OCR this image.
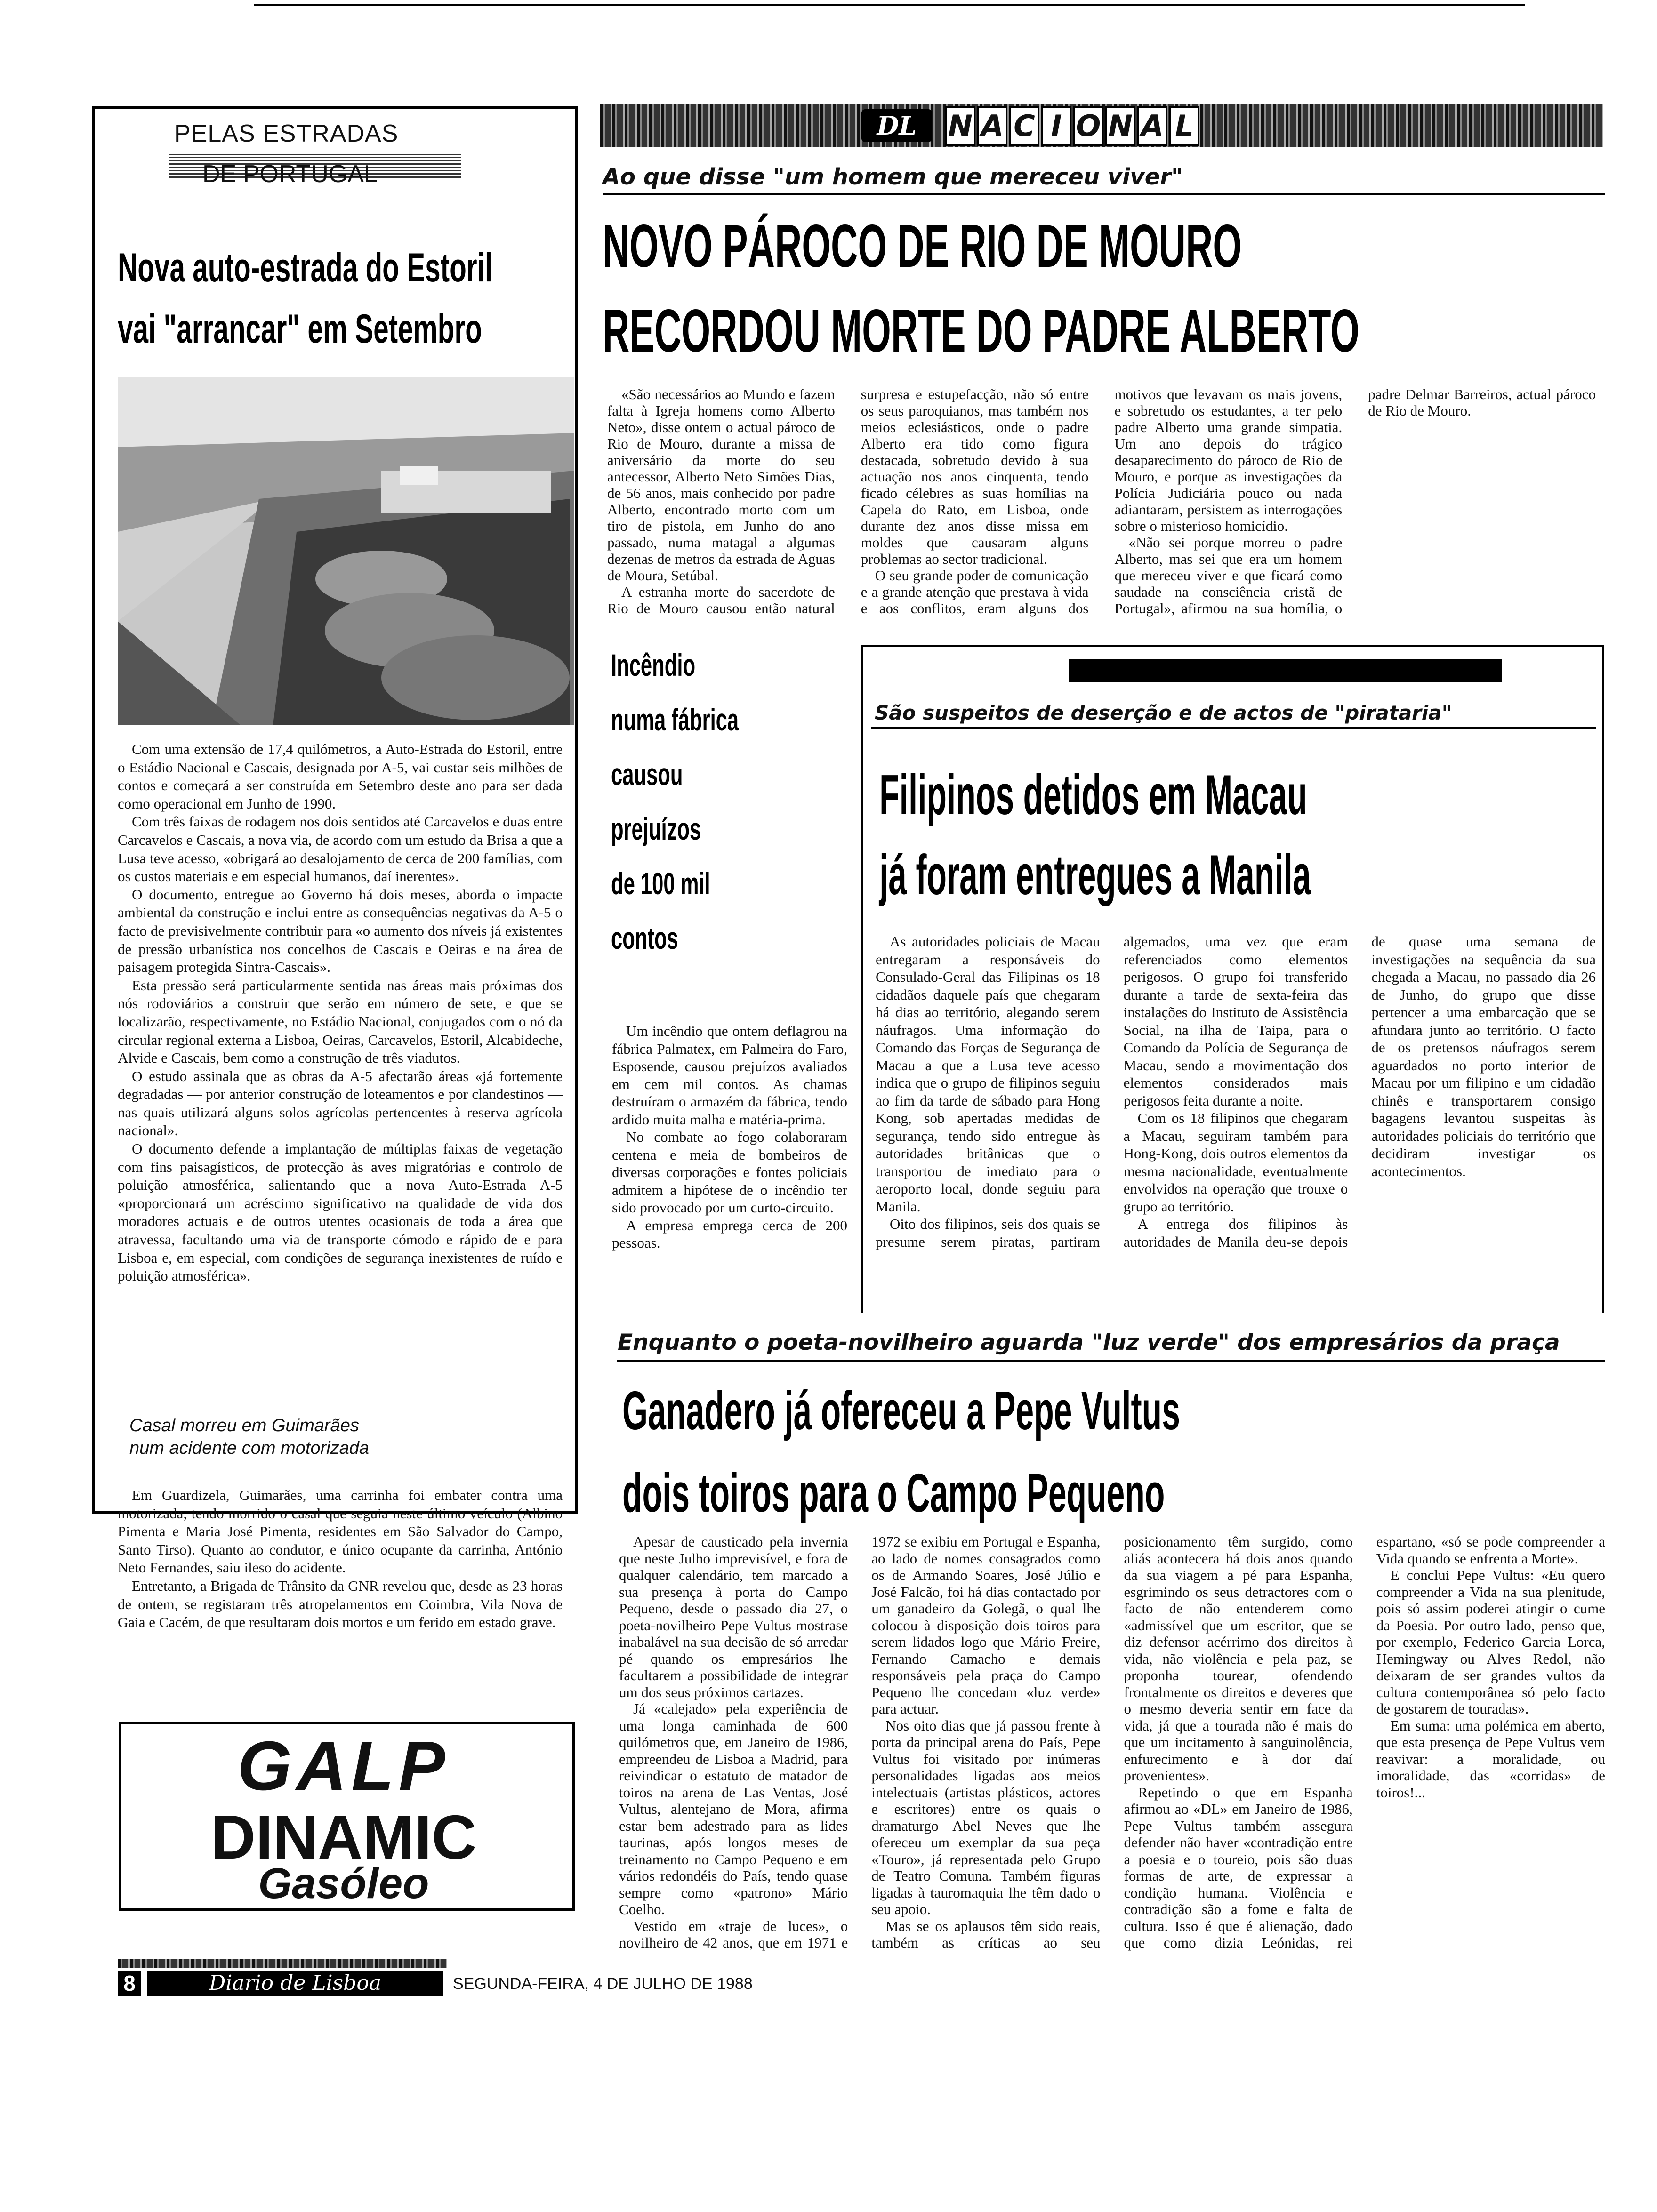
DL	N A C I O N A L
PELAS ESTRADAS
DE PORTUGAL
Nova auto-estrada do Estoril
vai "arrancar" em Setembro

Com uma extensão de 17,4 quilómetros, a Auto-Estrada do Estoril, entre o Estádio Nacional e Cascais, designada por A-5, vai custar seis milhões de contos e começará a ser construída em Setembro deste ano para ser dada como operacional em Junho de 1990.

Com três faixas de rodagem nos dois sentidos até Carcavelos e duas entre Carcavelos e Cascais, a nova via, de acordo com um estudo da Brisa a que a Lusa teve acesso, «obrigará ao desalojamento de cerca de 200 famílias, com os custos materiais e em especial humanos, daí inerentes».

O documento, entregue ao Governo há dois meses, aborda o impacte ambiental da construção e inclui entre as consequências negativas da A-5 o facto de previsivelmente contribuir para «o aumento dos níveis já existentes de pressão urbanística nos concelhos de Cascais e Oeiras e na área de paisagem protegida Sintra-Cascais».

Esta pressão será particularmente sentida nas áreas mais próximas dos nós rodoviários a construir que serão em número de sete, e que se localizarão, respectivamente, no Estádio Nacional, conjugados com o nó da circular regional externa a Lisboa, Oeiras, Carcavelos, Estoril, Alcabideche, Alvide e Cascais, bem como a construção de três viadutos.

O estudo assinala que as obras da A-5 afectarão áreas «já fortemente degradadas — por anterior construção de loteamentos e por clandestinos — nas quais utilizará alguns solos agrícolas pertencentes à reserva agrícola nacional».

O documento defende a implantação de múltiplas faixas de vegetação com fins paisagísticos, de protecção às aves migratórias e controlo de poluição atmosférica, salientando que a nova Auto-Estrada A-5 «proporcionará um acréscimo significativo na qualidade de vida dos moradores actuais e de outros utentes ocasionais de toda a área que atravessa, facultando uma via de transporte cómodo e rápido de e para Lisboa e, em especial, com condições de segurança inexistentes de ruído e poluição atmosférica».

Casal morreu em Guimarães
num acidente com motorizada

Em Guardizela, Guimarães, uma carrinha foi embater contra uma motorizada, tendo morrido o casal que seguia neste último veículo (Albino Pimenta e Maria José Pimenta, residentes em São Salvador do Campo, Santo Tirso). Quanto ao condutor, e único ocupante da carrinha, António Neto Fernandes, saiu ileso do acidente.

Entretanto, a Brigada de Trânsito da GNR revelou que, desde as 23 horas de ontem, se registaram três atropelamentos em Coimbra, Vila Nova de Gaia e Cacém, de que resultaram dois mortos e um ferido em estado grave.

GALP
DINAMIC
Gasóleo
Ao que disse "um homem que mereceu viver"
NOVO PÁROCO DE RIO DE MOURO
RECORDOU MORTE DO PADRE ALBERTO

«São necessários ao Mundo e fazem falta à Igreja homens como Alberto Neto», disse ontem o actual pároco de Rio de Mouro, durante a missa de aniversário da morte do seu antecessor, Alberto Neto Simões Dias, de 56 anos, mais conhecido por padre Alberto, encontrado morto com um tiro de pistola, em Junho do ano passado, numa matagal a algumas dezenas de metros da estrada de Aguas de Moura, Setúbal.

A estranha morte do sacerdote de Rio de Mouro causou então natural surpresa e estupefacção, não só entre os seus paroquianos, mas também nos meios eclesiásticos, onde o padre Alberto era tido como figura destacada, sobretudo devido à sua actuação nos anos cinquenta, tendo ficado célebres as suas homílias na Capela do Rato, em Lisboa, onde durante dez anos disse missa em moldes que causaram alguns problemas ao sector tradicional.

O seu grande poder de comunicação e a grande atenção que prestava à vida e aos conflitos, eram alguns dos motivos que levavam os mais jovens, e sobretudo os estudantes, a ter pelo padre Alberto uma grande simpatia. Um ano depois do trágico desaparecimento do pároco de Rio de Mouro, e porque as investigações da Polícia Judiciária pouco ou nada adiantaram, persistem as interrogações sobre o misterioso homicídio.

«Não sei porque morreu o padre Alberto, mas sei que era um homem que mereceu viver e que ficará como saudade na consciência cristã de Portugal», afirmou na sua homília, o padre Delmar Barreiros, actual pároco de Rio de Mouro.

Incêndio
numa fábrica
causou
prejuízos
de 100 mil
contos

Um incêndio que ontem deflagrou na fábrica Palmatex, em Palmeira do Faro, Esposende, causou prejuízos avaliados em cem mil contos. As chamas destruíram o armazém da fábrica, tendo ardido muita malha e matéria-prima.

No combate ao fogo colaboraram centena e meia de bombeiros de diversas corporações e fontes policiais admitem a hipótese de o incêndio ter sido provocado por um curto-circuito.

A empresa emprega cerca de 200 pessoas.

São suspeitos de deserção e de actos de "pirataria"
Filipinos detidos em Macau
já foram entregues a Manila

As autoridades policiais de Macau entregaram a responsáveis do Consulado-Geral das Filipinas os 18 cidadãos daquele país que chegaram há dias ao território, alegando serem náufragos. Uma informação do Comando das Forças de Segurança de Macau a que a Lusa teve acesso indica que o grupo de filipinos seguiu ao fim da tarde de sábado para Hong Kong, sob apertadas medidas de segurança, tendo sido entregue às autoridades britânicas que o transportou de imediato para o aeroporto local, donde seguiu para Manila.

Oito dos filipinos, seis dos quais se presume serem piratas, partiram algemados, uma vez que eram referenciados como elementos perigosos. O grupo foi transferido durante a tarde de sexta-feira das instalações do Instituto de Assistência Social, na ilha de Taipa, para o Comando da Polícia de Segurança de Macau, sendo a movimentação dos elementos considerados mais perigosos feita durante a noite.

Com os 18 filipinos que chegaram a Macau, seguiram também para Hong-Kong, dois outros elementos da mesma nacionalidade, eventualmente envolvidos na operação que trouxe o grupo ao território.

A entrega dos filipinos às autoridades de Manila deu-se depois de quase uma semana de investigações na sequência da sua chegada a Macau, no passado dia 26 de Junho, do grupo que disse pertencer a uma embarcação que se afundara junto ao território. O facto de os pretensos náufragos serem aguardados no porto interior de Macau por um filipino e um cidadão chinês e transportarem consigo bagagens levantou suspeitas às autoridades policiais do território que decidiram investigar os acontecimentos.

Enquanto o poeta-novilheiro aguarda "luz verde" dos empresários da praça
Ganadero já ofereceu a Pepe Vultus
dois toiros para o Campo Pequeno

Apesar de causticado pela invernia que neste Julho imprevisível, e fora de qualquer calendário, tem marcado a sua presença à porta do Campo Pequeno, desde o passado dia 27, o poeta-novilheiro Pepe Vultus mostrase inabalável na sua decisão de só arredar pé quando os empresários lhe facultarem a possibilidade de integrar um dos seus próximos cartazes.

Já «calejado» pela experiência de uma longa caminhada de 600 quilómetros que, em Janeiro de 1986, empreendeu de Lisboa a Madrid, para reivindicar o estatuto de matador de toiros na arena de Las Ventas, José Vultus, alentejano de Mora, afirma estar bem adestrado para as lides taurinas, após longos meses de treinamento no Campo Pequeno e em vários redondéis do País, tendo quase sempre como «patrono» Mário Coelho.

Vestido em «traje de luces», o novilheiro de 42 anos, que em 1971 e 1972 se exibiu em Portugal e Espanha, ao lado de nomes consagrados como os de Armando Soares, José Júlio e José Falcão, foi há dias contactado por um ganadeiro da Golegã, o qual lhe colocou à disposição dois toiros para serem lidados logo que Mário Freire, Fernando Camacho e demais responsáveis pela praça do Campo Pequeno lhe concedam «luz verde» para actuar.

Nos oito dias que já passou frente à porta da principal arena do País, Pepe Vultus foi visitado por inúmeras personalidades ligadas aos meios intelectuais (artistas plásticos, actores e escritores) entre os quais o dramaturgo Abel Neves que lhe ofereceu um exemplar da sua peça «Touro», já representada pelo Grupo de Teatro Comuna. Também figuras ligadas à tauromaquia lhe têm dado o seu apoio.

Mas se os aplausos têm sido reais, também as críticas ao seu posicionamento têm surgido, como aliás acontecera há dois anos quando da sua viagem a pé para Espanha, esgrimindo os seus detractores com o facto de não entenderem como «admissível que um escritor, que se diz defensor acérrimo dos direitos à vida, não violência e pela paz, se proponha tourear, ofendendo frontalmente os direitos e deveres que o mesmo deveria sentir em face da vida, já que a tourada não é mais do que um incitamento à sanguinolência, enfurecimento e à dor daí provenientes».

Repetindo o que em Espanha afirmou ao «DL» em Janeiro de 1986, Pepe Vultus também assegura defender não haver «contradição entre a poesia e o toureio, pois são duas formas de arte, de expressar a condição humana. Violência e contradição são a fome e falta de cultura. Isso é que é alienação, dado que como dizia Leónidas, rei espartano, «só se pode compreender a Vida quando se enfrenta a Morte».

E conclui Pepe Vultus: «Eu quero compreender a Vida na sua plenitude, pois só assim poderei atingir o cume da Poesia. Por outro lado, penso que, por exemplo, Federico Garcia Lorca, Hemingway ou Alves Redol, não deixaram de ser grandes vultos da cultura contemporânea só pelo facto de gostarem de touradas».

Em suma: uma polémica em aberto, que esta presença de Pepe Vultus vem reavivar: a moralidade, ou imoralidade, das «corridas» de toiros!...

8	Diario de Lisboa	SEGUNDA-FEIRA, 4 DE JULHO DE 1988
